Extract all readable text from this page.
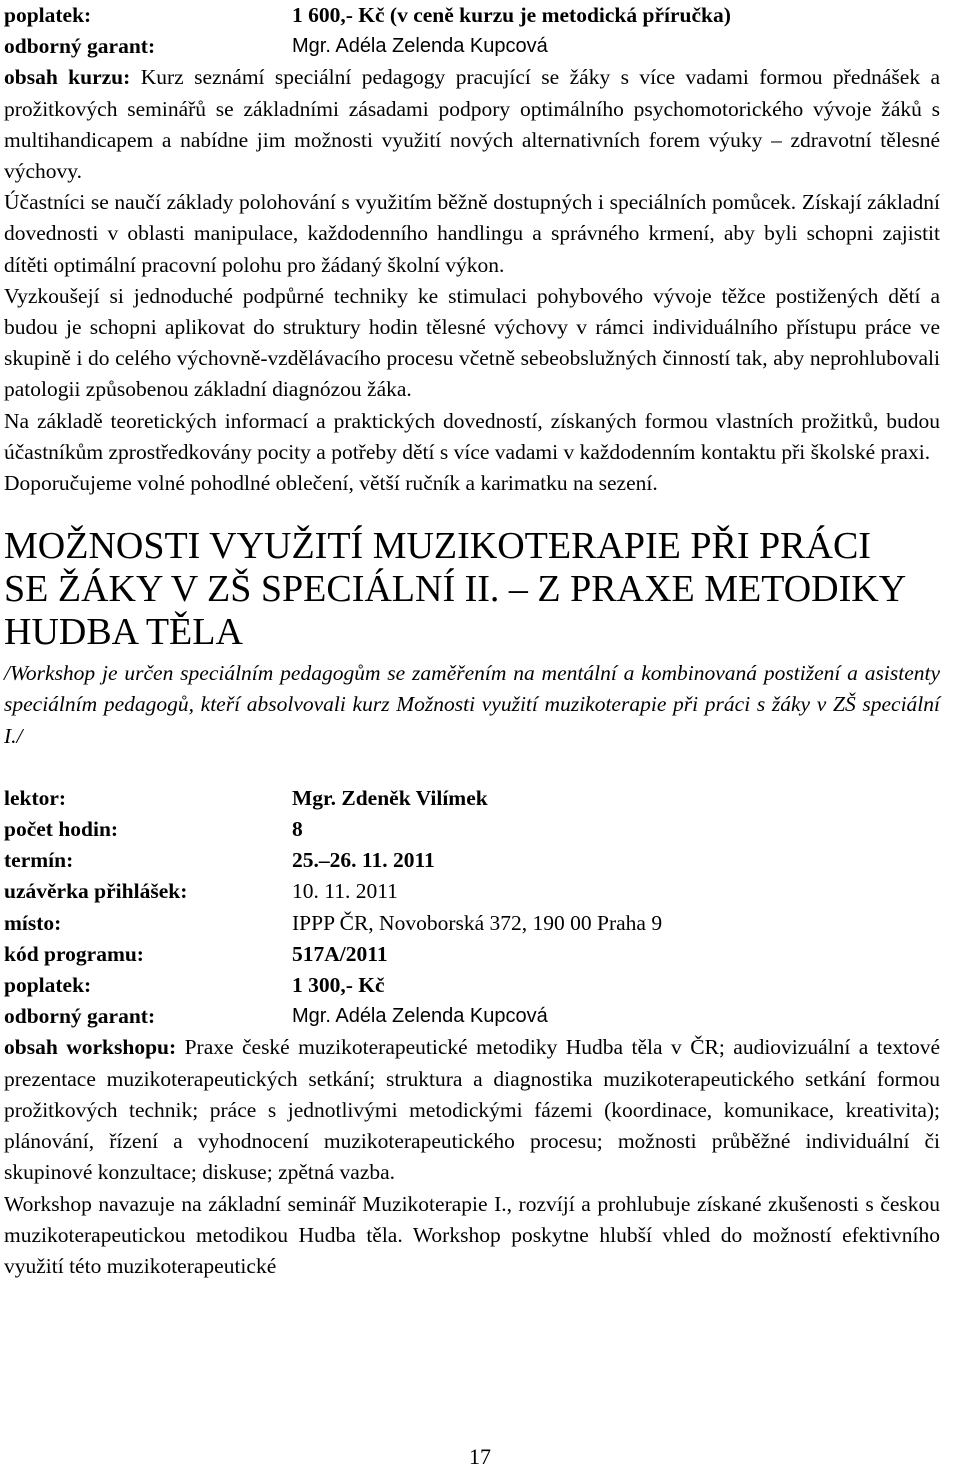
poplatek:	1 600,- Kč (v ceně kurzu je metodická příručka)
odborný garant:	Mgr. Adéla Zelenda Kupcová

obsah kurzu: Kurz seznámí speciální pedagogy pracující se žáky s více vadami formou přednášek a prožitkových seminářů se základními zásadami podpory optimálního psychomotorického vývoje žáků s multihandicapem a nabídne jim možnosti využití nových alternativních forem výuky – zdravotní tělesné výchovy.

Účastníci se naučí základy polohování s využitím běžně dostupných i speciálních pomůcek. Získají základní dovednosti v oblasti manipulace, každodenního handlingu a správného krmení, aby byli schopni zajistit dítěti optimální pracovní polohu pro žádaný školní výkon.

Vyzkoušejí si jednoduché podpůrné techniky ke stimulaci pohybového vývoje těžce postižených dětí a budou je schopni aplikovat do struktury hodin tělesné výchovy v rámci individuálního přístupu práce ve skupině i do celého výchovně-vzdělávacího procesu včetně sebeobslužných činností tak, aby neprohlubovali patologii způsobenou základní diagnózou žáka.

Na základě teoretických informací a praktických dovedností, získaných formou vlastních prožitků, budou účastníkům zprostředkovány pocity a potřeby dětí s více vadami v každodenním kontaktu při školské praxi.

Doporučujeme volné pohodlné oblečení, větší ručník a karimatku na sezení.

MOŽNOSTI VYUŽITÍ MUZIKOTERAPIE PŘI PRÁCI
SE ŽÁKY V ZŠ SPECIÁLNÍ II. – Z PRAXE METODIKY
HUDBA TĚLA

/Workshop je určen speciálním pedagogům se zaměřením na mentální a kombinovaná postižení a asistenty speciálním pedagogů, kteří absolvovali kurz Možnosti využití muzikoterapie při práci s žáky v ZŠ speciální I./

lektor:	Mgr. Zdeněk Vilímek
počet hodin:	8
termín:	25.–26. 11. 2011
uzávěrka přihlášek:	10. 11. 2011
místo:	IPPP ČR, Novoborská 372, 190 00 Praha 9
kód programu:	517A/2011
poplatek:	1 300,- Kč
odborný garant:	Mgr. Adéla Zelenda Kupcová

obsah workshopu: Praxe české muzikoterapeutické metodiky Hudba těla v ČR; audiovizuální a textové prezentace muzikoterapeutických setkání; struktura a diagnostika muzikoterapeutického setkání formou prožitkových technik; práce s jednotlivými metodickými fázemi (koordinace, komunikace, kreativita); plánování, řízení a vyhodnocení muzikoterapeutického procesu; možnosti průběžné individuální či skupinové konzultace; diskuse; zpětná vazba.

Workshop navazuje na základní seminář Muzikoterapie I., rozvíjí a prohlubuje získané zkušenosti s českou muzikoterapeutickou metodikou Hudba těla. Workshop poskytne hlubší vhled do možností efektivního využití této muzikoterapeutické

17
